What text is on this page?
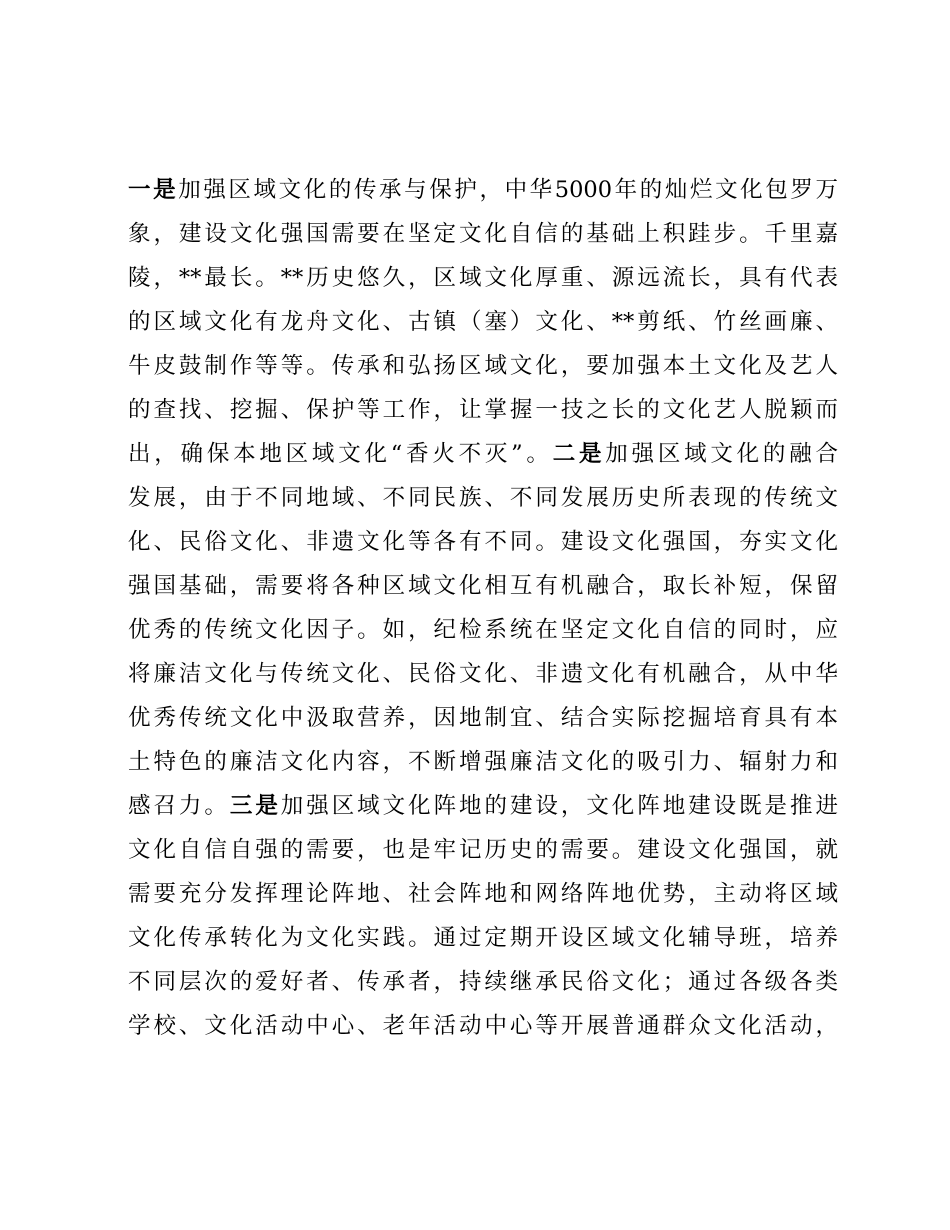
一是加强区域文化的传承与保护，中华5000年的灿烂文化包罗万
象，建设文化强国需要在坚定文化自信的基础上积跬步。千里嘉
陵，**最长。**历史悠久，区域文化厚重、源远流长，具有代表
的区域文化有龙舟文化、古镇（塞）文化、**剪纸、竹丝画廉、
牛皮鼓制作等等。传承和弘扬区域文化，要加强本土文化及艺人
的查找、挖掘、保护等工作，让掌握一技之长的文化艺人脱颖而
出，确保本地区域文化“香火不灭”。二是加强区域文化的融合
发展，由于不同地域、不同民族、不同发展历史所表现的传统文
化、民俗文化、非遗文化等各有不同。建设文化强国，夯实文化
强国基础，需要将各种区域文化相互有机融合，取长补短，保留
优秀的传统文化因子。如，纪检系统在坚定文化自信的同时，应
将廉洁文化与传统文化、民俗文化、非遗文化有机融合，从中华
优秀传统文化中汲取营养，因地制宜、结合实际挖掘培育具有本
土特色的廉洁文化内容，不断增强廉洁文化的吸引力、辐射力和
感召力。三是加强区域文化阵地的建设，文化阵地建设既是推进
文化自信自强的需要，也是牢记历史的需要。建设文化强国，就
需要充分发挥理论阵地、社会阵地和网络阵地优势，主动将区域
文化传承转化为文化实践。通过定期开设区域文化辅导班，培养
不同层次的爱好者、传承者，持续继承民俗文化；通过各级各类
学校、文化活动中心、老年活动中心等开展普通群众文化活动，
